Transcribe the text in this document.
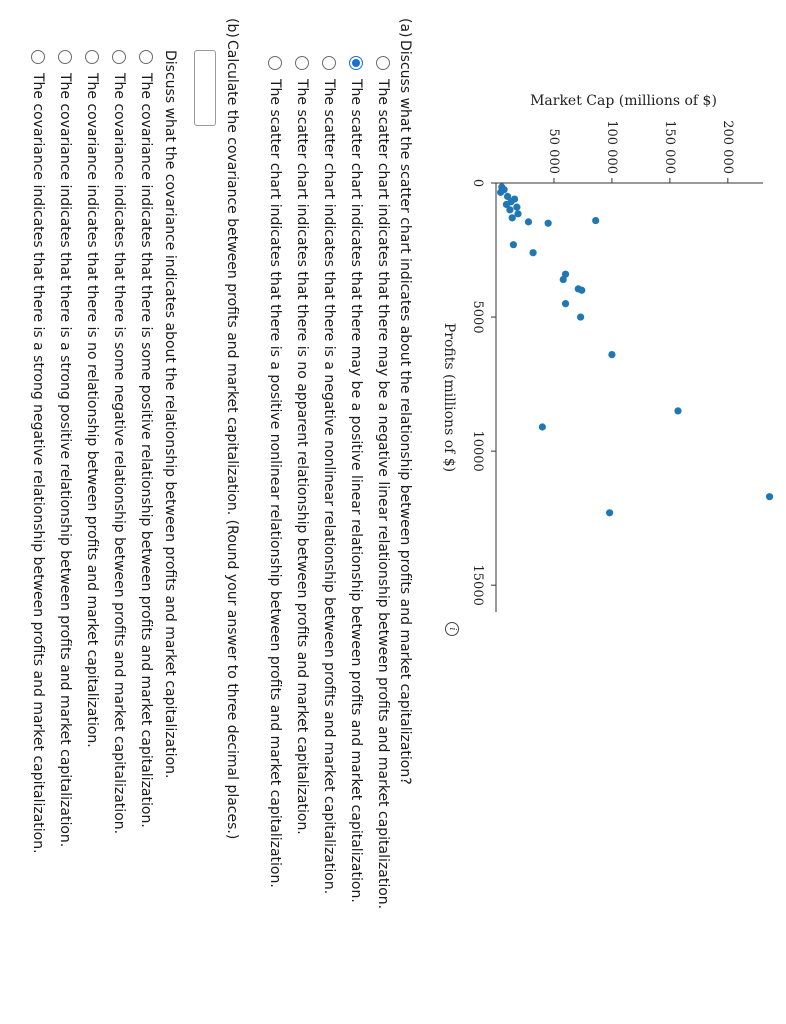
0
5000
10000
15000
50 000	100 000	150 000	200 000
Profits (millions of $)
Market Cap (millions of $)
i
(a)Discuss what the scatter chart indicates about the relationship between profits and market capitalization?
The scatter chart indicates that there may be a negative linear relationship between profits and market capitalization.
The scatter chart indicates that there may be a positive linear relationship between profits and market capitalization.
The scatter chart indicates that there is a negative nonlinear relationship between profits and market capitalization.
The scatter chart indicates that there is no apparent relationship between profits and market capitalization.
The scatter chart indicates that there is a positive nonlinear relationship between profits and market capitalization.
(b)Calculate the covariance between profits and market capitalization. (Round your answer to three decimal places.)
Discuss what the covariance indicates about the relationship between profits and market capitalization.
The covariance indicates that there is some positive relationship between profits and market capitalization.
The covariance indicates that there is some negative relationship between profits and market capitalization.
The covariance indicates that there is no relationship between profits and market capitalization.
The covariance indicates that there is a strong positive relationship between profits and market capitalization.
The covariance indicates that there is a strong negative relationship between profits and market capitalization.
